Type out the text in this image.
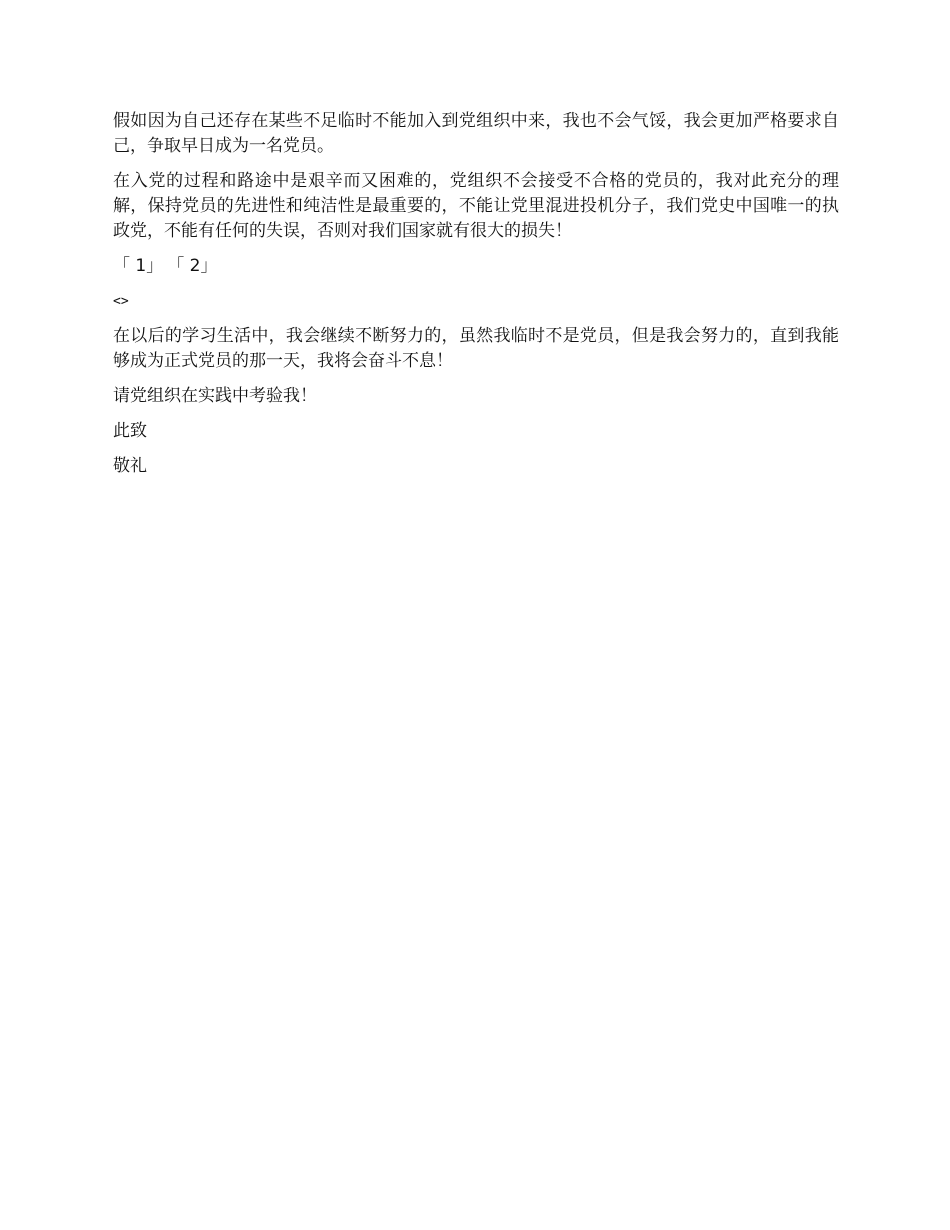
假如因为自己还存在某些不足临时不能加入到党组织中来，我也不会气馁，我会更加严格要求自己，争取早日成为一名党员。

在入党的过程和路途中是艰辛而又困难的，党组织不会接受不合格的党员的，我对此充分的理解，保持党员的先进性和纯洁性是最重要的，不能让党里混进投机分子，我们党史中国唯一的执政党，不能有任何的失误，否则对我们国家就有很大的损失！

「 1」 「 2」
<>

在以后的学习生活中，我会继续不断努力的，虽然我临时不是党员，但是我会努力的，直到我能够成为正式党员的那一天，我将会奋斗不息！

请党组织在实践中考验我！

此致

敬礼
